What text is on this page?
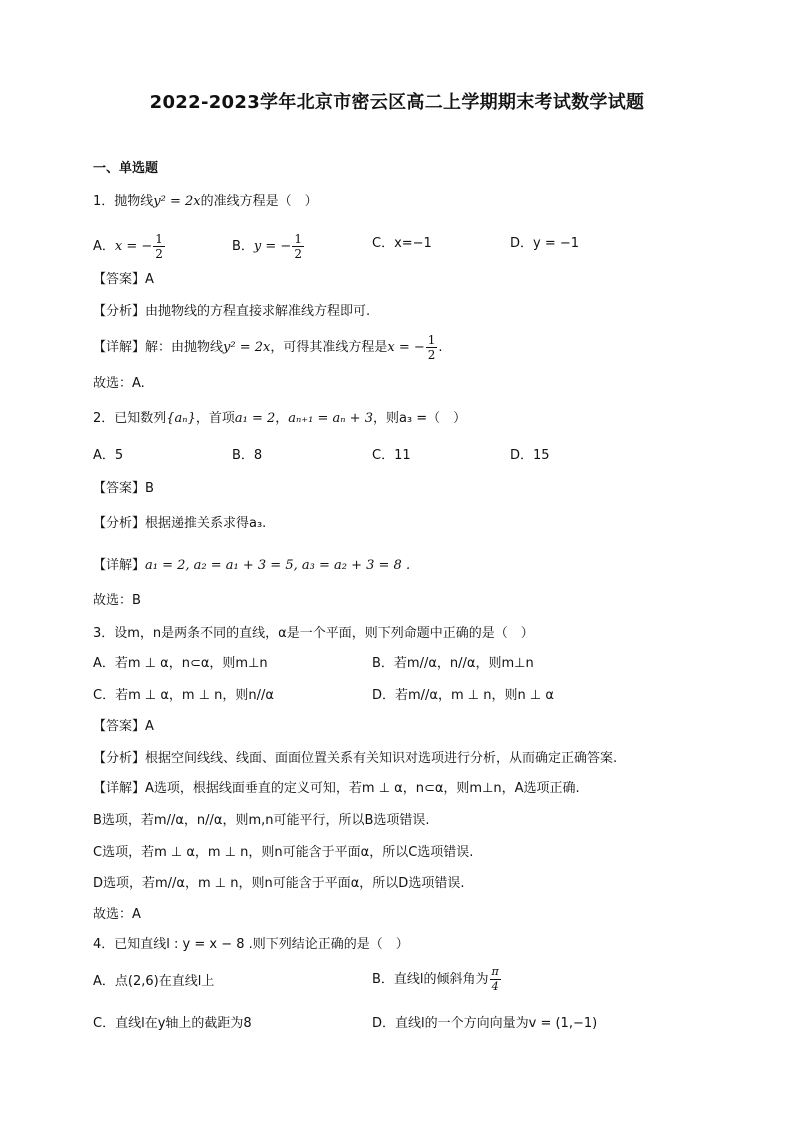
2022-2023学年北京市密云区高二上学期期末考试数学试题
一、单选题
1．抛物线y² = 2x的准线方程是（　）
A．x = − $\frac{1}{2}$	B．y = − $\frac{1}{2}$	C．x=−1	D．y = −1
【答案】A
【分析】由抛物线的方程直接求解准线方程即可.
【详解】解：由抛物线y² = 2x，可得其准线方程是x = − $\frac{1}{2}$ .
故选：A.
2．已知数列{aₙ}，首项a₁ = 2，aₙ₊₁ = aₙ + 3，则a₃ =（　）
A．5	B．8	C．11	D．15
【答案】B
【分析】根据递推关系求得a₃.
【详解】a₁ = 2, a₂ = a₁ + 3 = 5, a₃ = a₂ + 3 = 8 .
故选：B
3．设m，n是两条不同的直线，α是一个平面，则下列命题中正确的是（　）
A．若m ⊥ α，n⊂α，则m⊥n	B．若m//α，n//α，则m⊥n
C．若m ⊥ α，m ⊥ n，则n//α	D．若m//α，m ⊥ n，则n ⊥ α
【答案】A
【分析】根据空间线线、线面、面面位置关系有关知识对选项进行分析，从而确定正确答案.
【详解】A选项，根据线面垂直的定义可知，若m ⊥ α，n⊂α，则m⊥n，A选项正确.
B选项，若m//α，n//α，则m,n可能平行，所以B选项错误.
C选项，若m ⊥ α，m ⊥ n，则n可能含于平面α，所以C选项错误.
D选项，若m//α，m ⊥ n，则n可能含于平面α，所以D选项错误.
故选：A
4．已知直线l : y = x − 8 .则下列结论正确的是（　）
A．点(2,6)在直线l上	B．直线l的倾斜角为 $\frac{\pi}{4}$
C．直线l在y轴上的截距为8	D．直线l的一个方向向量为v = (1,−1)
